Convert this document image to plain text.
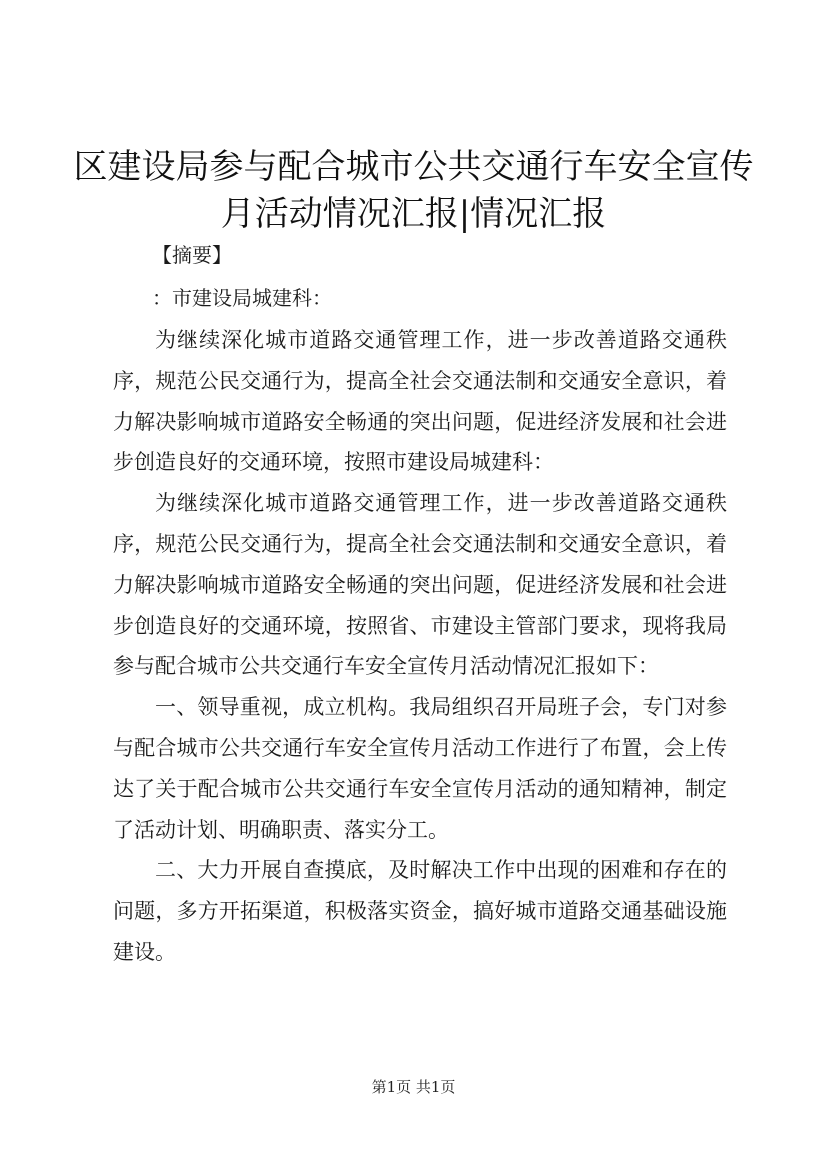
区建设局参与配合城市公共交通行车安全宣传
月活动情况汇报|情况汇报
【摘要】
：市建设局城建科：

为继续深化城市道路交通管理工作，进一步改善道路交通秩序，规范公民交通行为，提高全社会交通法制和交通安全意识，着力解决影响城市道路安全畅通的突出问题，促进经济发展和社会进步创造良好的交通环境，按照市建设局城建科：

为继续深化城市道路交通管理工作，进一步改善道路交通秩序，规范公民交通行为，提高全社会交通法制和交通安全意识，着力解决影响城市道路安全畅通的突出问题，促进经济发展和社会进步创造良好的交通环境，按照省、市建设主管部门要求，现将我局参与配合城市公共交通行车安全宣传月活动情况汇报如下：

一、领导重视，成立机构。我局组织召开局班子会，专门对参与配合城市公共交通行车安全宣传月活动工作进行了布置，会上传达了关于配合城市公共交通行车安全宣传月活动的通知精神，制定了活动计划、明确职责、落实分工。

二、大力开展自查摸底，及时解决工作中出现的困难和存在的问题，多方开拓渠道，积极落实资金，搞好城市道路交通基础设施建设。

第1页 共1页
